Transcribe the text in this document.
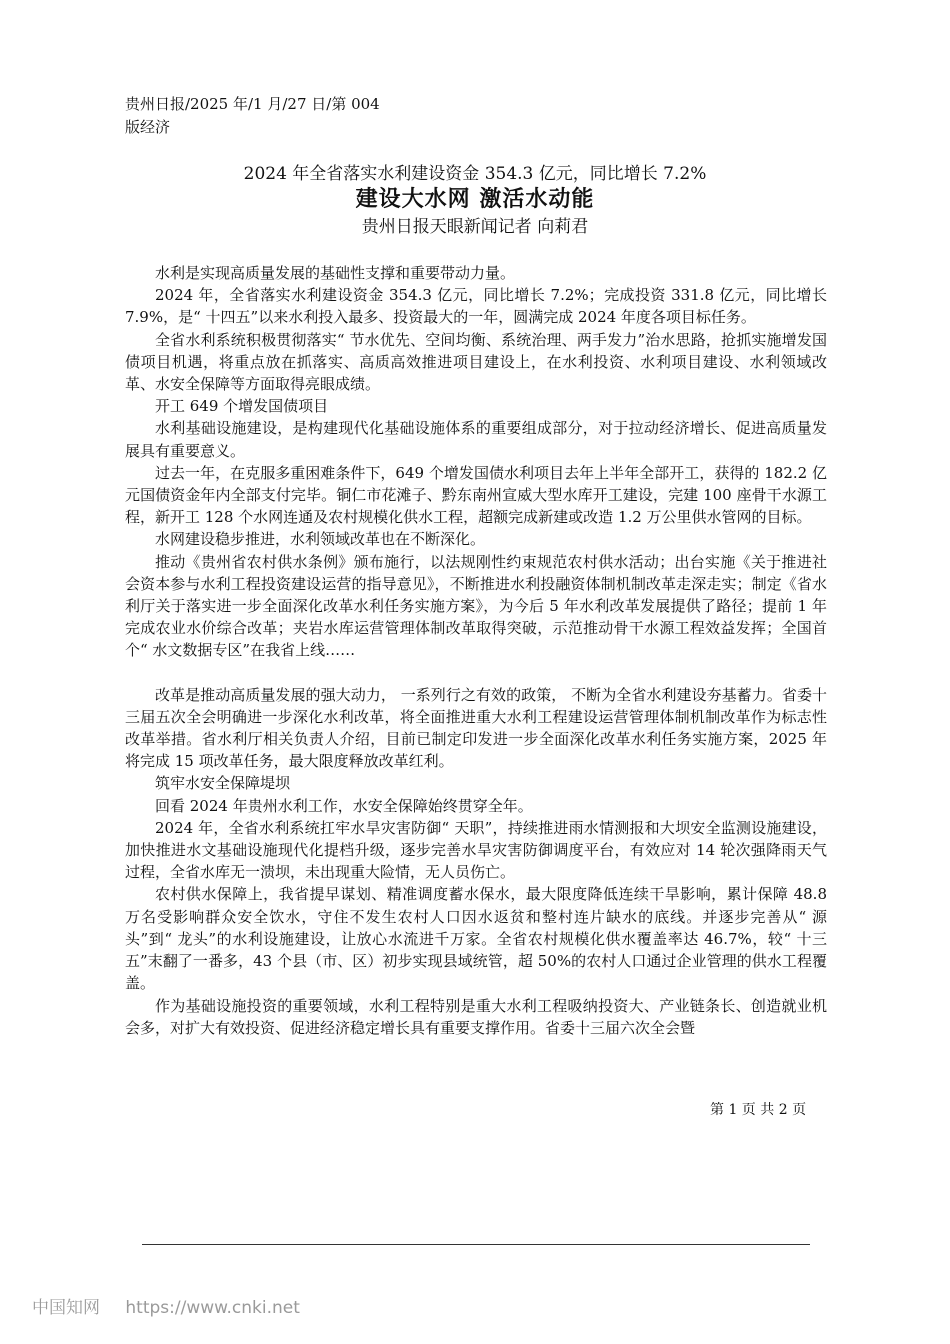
贵州日报/2025 年/1 月/27 日/第 004 版经济
2024 年全省落实水利建设资金 354.3 亿元，同比增长 7.2%
建设大水网 激活水动能
贵州日报天眼新闻记者 向莉君

水利是实现高质量发展的基础性支撑和重要带动力量。

2024 年，全省落实水利建设资金 354.3 亿元，同比增长 7.2%；完成投资 331.8 亿元，同比增长 7.9%，是“ 十四五”以来水利投入最多、投资最大的一年，圆满完成 2024 年度各项目标任务。

全省水利系统积极贯彻落实“ 节水优先、空间均衡、系统治理、两手发力”治水思路，抢抓实施增发国债项目机遇，将重点放在抓落实、高质高效推进项目建设上，在水利投资、水利项目建设、水利领域改革、水安全保障等方面取得亮眼成绩。

开工 649 个增发国债项目

水利基础设施建设，是构建现代化基础设施体系的重要组成部分，对于拉动经济增长、促进高质量发展具有重要意义。

过去一年，在克服多重困难条件下，649 个增发国债水利项目去年上半年全部开工，获得的 182.2 亿元国债资金年内全部支付完毕。铜仁市花滩子、黔东南州宣威大型水库开工建设，完建 100 座骨干水源工程，新开工 128 个水网连通及农村规模化供水工程，超额完成新建或改造 1.2 万公里供水管网的目标。

水网建设稳步推进，水利领域改革也在不断深化。

推动《贵州省农村供水条例》颁布施行，以法规刚性约束规范农村供水活动；出台实施《关于推进社会资本参与水利工程投资建设运营的指导意见》，不断推进水利投融资体制机制改革走深走实；制定《省水利厅关于落实进一步全面深化改革水利任务实施方案》，为今后 5 年水利改革发展提供了路径；提前 1 年完成农业水价综合改革；夹岩水库运营管理体制改革取得突破，示范推动骨干水源工程效益发挥；全国首个“ 水文数据专区”在我省上线……

改革是推动高质量发展的强大动力， 一系列行之有效的政策， 不断为全省水利建设夯基蓄力。省委十三届五次全会明确进一步深化水利改革，将全面推进重大水利工程建设运营管理体制机制改革作为标志性改革举措。省水利厅相关负责人介绍，目前已制定印发进一步全面深化改革水利任务实施方案，2025 年将完成 15 项改革任务，最大限度释放改革红利。

筑牢水安全保障堤坝

回看 2024 年贵州水利工作，水安全保障始终贯穿全年。

2024 年，全省水利系统扛牢水旱灾害防御“ 天职”，持续推进雨水情测报和大坝安全监测设施建设，加快推进水文基础设施现代化提档升级，逐步完善水旱灾害防御调度平台，有效应对 14 轮次强降雨天气过程，全省水库无一溃坝，未出现重大险情，无人员伤亡。

农村供水保障上，我省提早谋划、精准调度蓄水保水，最大限度降低连续干旱影响，累计保障 48.8 万名受影响群众安全饮水，守住不发生农村人口因水返贫和整村连片缺水的底线。并逐步完善从“ 源头”到“ 龙头”的水利设施建设，让放心水流进千万家。全省农村规模化供水覆盖率达 46.7%，较“ 十三五”末翻了一番多，43 个县（市、区）初步实现县域统管，超 50%的农村人口通过企业管理的供水工程覆盖。

作为基础设施投资的重要领域，水利工程特别是重大水利工程吸纳投资大、产业链条长、创造就业机会多，对扩大有效投资、促进经济稳定增长具有重要支撑作用。省委十三届六次全会暨

第 1 页 共 2 页
中国知网 https://www.cnki.net
